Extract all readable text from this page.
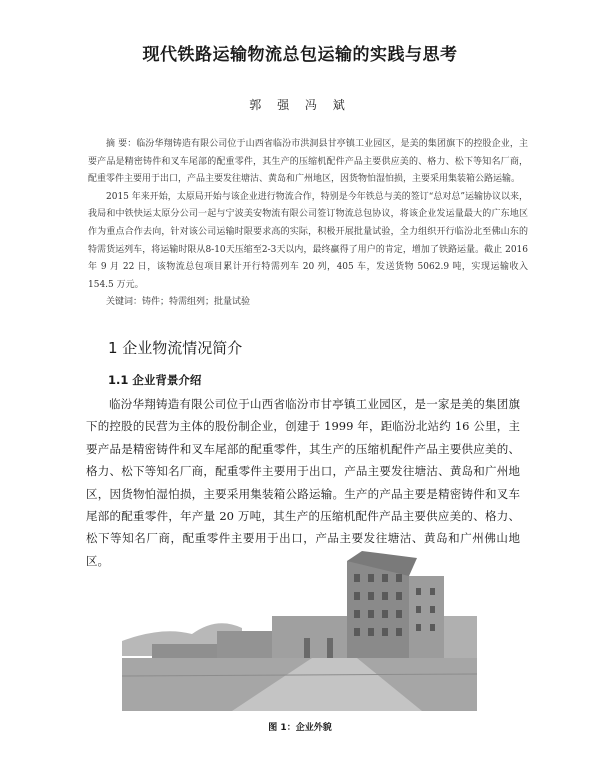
现代铁路运输物流总包运输的实践与思考
郭 强 冯 斌

摘 要：临汾华翔铸造有限公司位于山西省临汾市洪洞县甘亭镇工业园区，是美的集团旗下的控股企业，主要产品是精密铸件和叉车尾部的配重零件，其生产的压缩机配件产品主要供应美的、格力、松下等知名厂商，配重零件主要用于出口，产品主要发往塘沽、黄岛和广州地区，因货物怕湿怕损，主要采用集装箱公路运输。

2015 年来开始，太原局开始与该企业进行物流合作，特别是今年铁总与美的签订“总对总”运输协议以来，我局和中铁快运太原分公司一起与宁波美安物流有限公司签订物流总包协议，将该企业发运量最大的广东地区作为重点合作去向，针对该公司运输时限要求高的实际，积极开展批量试验，全力组织开行临汾北至佛山东的特需货运列车，将运输时限从8-10天压缩至2-3天以内，最终赢得了用户的肯定，增加了铁路运量。截止 2016 年 9 月 22 日，该物流总包项目累计开行特需列车 20 列，405 车，发送货物 5062.9 吨，实现运输收入 154.5 万元。

关键词：铸件；特需组列；批量试验

1 企业物流情况简介
1.1 企业背景介绍

临汾华翔铸造有限公司位于山西省临汾市甘亭镇工业园区，是一家是美的集团旗下的控股的民营为主体的股份制企业，创建于 1999 年，距临汾北站约 16 公里，主要产品是精密铸件和叉车尾部的配重零件，其生产的压缩机配件产品主要供应美的、格力、松下等知名厂商，配重零件主要用于出口，产品主要发往塘沽、黄岛和广州地区，因货物怕湿怕损，主要采用集装箱公路运输。生产的产品主要是精密铸件和叉车尾部的配重零件，年产量 20 万吨，其生产的压缩机配件产品主要供应美的、格力、松下等知名厂商，配重零件主要用于出口，产品主要发往塘沽、黄岛和广州佛山地区。

图 1：企业外貌
